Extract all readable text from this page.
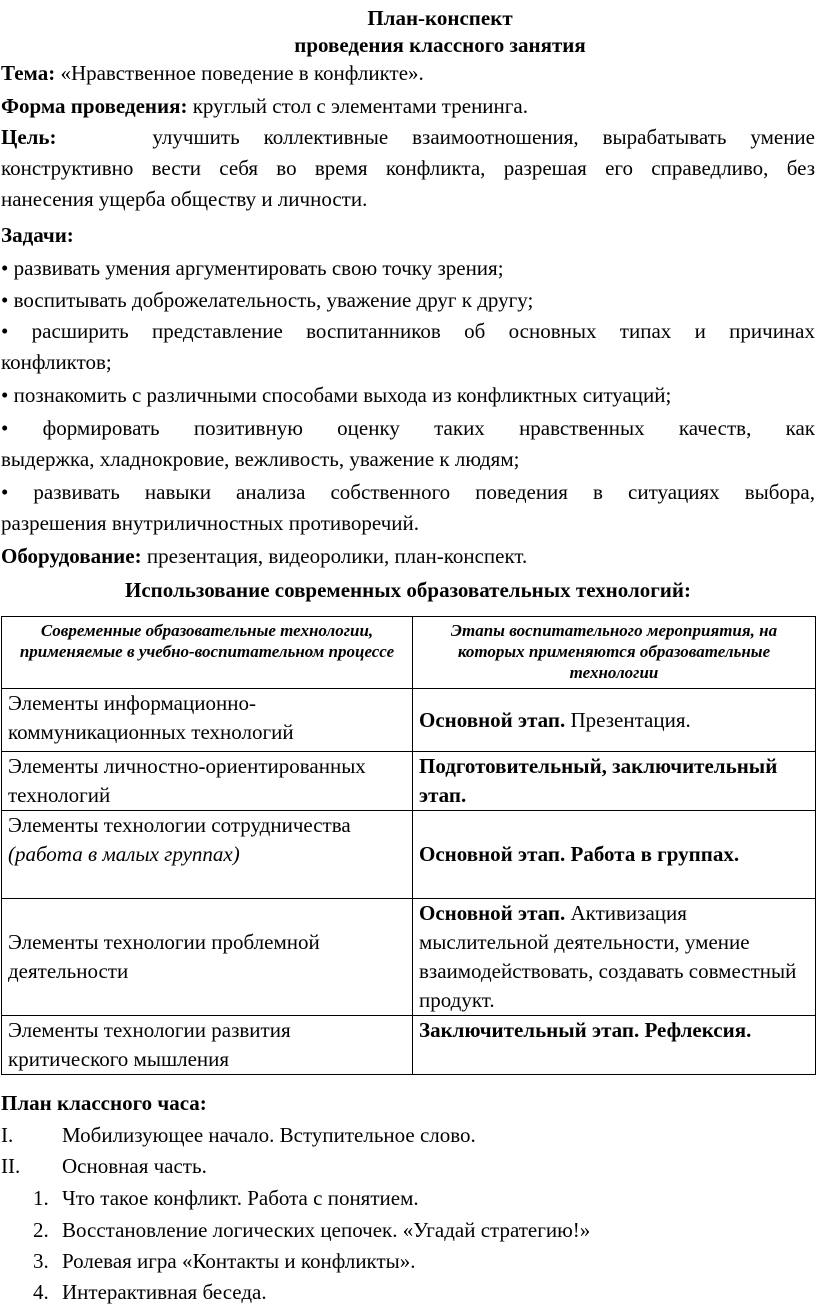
План-конспект
проведения классного занятия
Тема: «Нравственное поведение в конфликте».
Форма проведения: круглый стол с элементами тренинга.
Цель:	улучшить коллективные взаимоотношения, вырабатывать умение
конструктивно вести себя во время конфликта, разрешая его справедливо, без
нанесения ущерба обществу и личности.
Задачи:
• развивать умения аргументировать свою точку зрения;
• воспитывать доброжелательность, уважение друг к другу;
• расширить представление воспитанников об основных типах и причинах
конфликтов;
• познакомить с различными способами выхода из конфликтных ситуаций;
• формировать позитивную оценку таких нравственных качеств, как
выдержка, хладнокровие, вежливость, уважение к людям;
• развивать навыки анализа собственного поведения в ситуациях выбора,
разрешения внутриличностных противоречий.
Оборудование: презентация, видеоролики, план-конспект.
Использование современных образовательных технологий:
Современные образовательные технологии, применяемые в учебно-воспитательном процессе	Этапы воспитательного мероприятия, на которых применяются образовательные технологии
Элементы информационно-коммуникационных технологий	Основной этап. Презентация.
Элементы личностно-ориентированных технологий	Подготовительный, заключительный этап.
Элементы технологии сотрудничества (работа в малых группах)	Основной этап. Работа в группах.
Элементы технологии проблемной деятельности	Основной этап. Активизация мыслительной деятельности, умение взаимодействовать, создавать совместный продукт.
Элементы технологии развития критического мышления	Заключительный этап. Рефлексия.
План классного часа:
I. Мобилизующее начало. Вступительное слово.
II. Основная часть.
1. Что такое конфликт. Работа с понятием.
2. Восстановление логических цепочек. «Угадай стратегию!»
3. Ролевая игра «Контакты и конфликты».
4. Интерактивная беседа.
